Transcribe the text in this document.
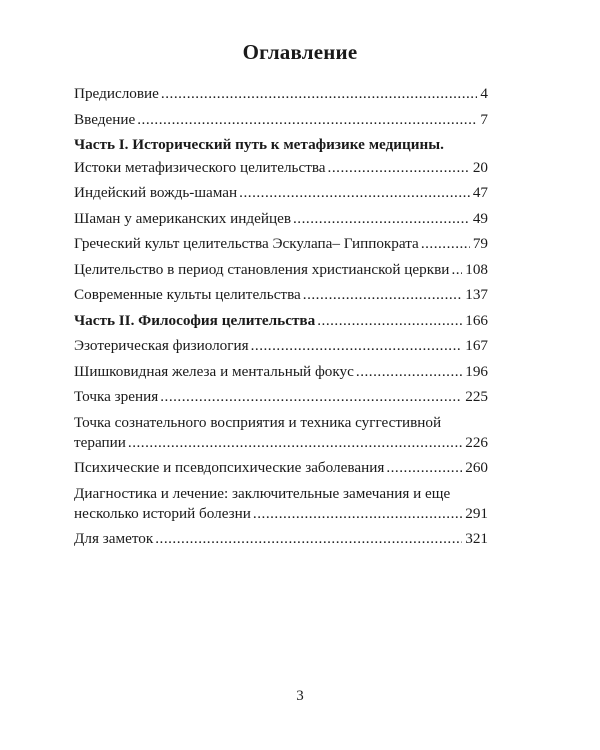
Оглавление
Предисловие .....	4
Введение .....	7
Часть I. Исторический путь к метафизике медицины.
Истоки метафизического целительства .....	20
Индейский вождь-шаман .....	47
Шаман у американских индейцев .....	49
Греческий культ целительства Эскулапа– Гиппократа .....	79
Целительство в период становления христианской церкви ..... 108
Современные культы целительства .....	137
Часть II. Философия целительства .....	166
Эзотерическая физиология .....	167
Шишковидная железа и ментальный фокус .....	196
Точка зрения .....	225
Точка сознательного восприятия и техника суггестивной
терапии .....	226
Психические и псевдопсихические заболевания .....	260
Диагностика и лечение: заключительные замечания и еще
несколько историй болезни .....	291
Для заметок .....	321
3
